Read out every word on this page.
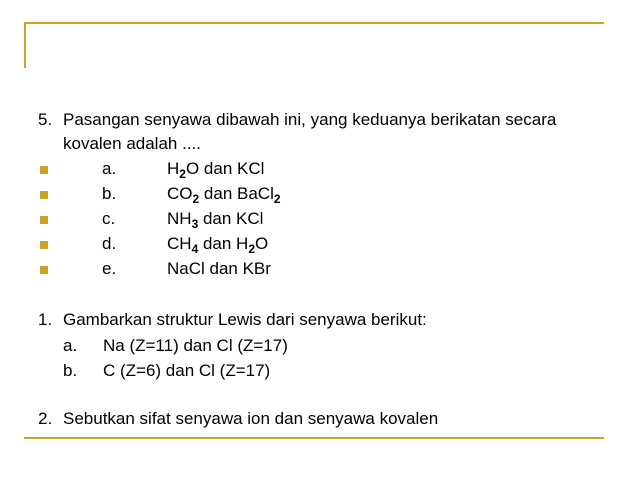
5. Pasangan senyawa dibawah ini, yang keduanya berikatan secara
kovalen adalah ....
a.	$H_2O$ dan KCl
b.	$CO_2$ dan BaCl$_2$
c.	$NH_3$ dan KCl
d.	$CH_4$ dan $H_2O$
e.	NaCl dan KBr
1. Gambarkan struktur Lewis dari senyawa berikut:
a. Na (Z=11) dan Cl (Z=17)
b. C (Z=6) dan Cl (Z=17)
2. Sebutkan sifat senyawa ion dan senyawa kovalen
